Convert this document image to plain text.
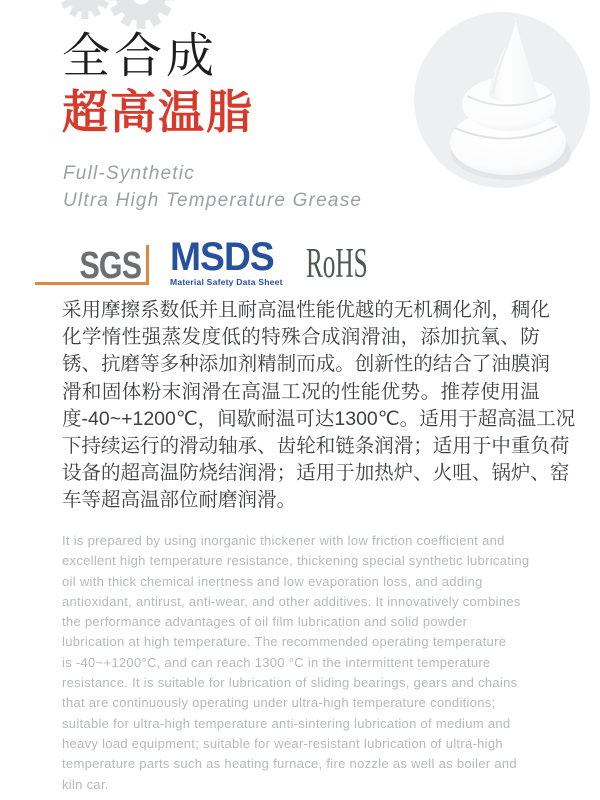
全合成
超高温脂
Full-Synthetic
Ultra High Temperature Grease
SGS MSDS
Material Safety Data Sheet RoHS
采 用 摩 擦 系 数 低 并 且 耐 高 温 性 能 优 越 的 无 机 稠 化 剂 ， 稠 化
化 学 惰 性 强 蒸 发 度 低 的 特 殊 合 成 润 滑 油 ， 添 加 抗 氧 、 防
锈 、 抗 磨 等 多 种 添 加 剂 精 制 而 成 。 创 新 性 的 结 合 了 油 膜 润
滑 和 固 体 粉 末 润 滑 在 高 温 工 况 的 性 能 优 势 。 推 荐 使 用 温
度 -40~+1200 ℃ ， 间 歇 耐 温 可 达 1300 ℃ 。 适 用 于 超 高 温 工 况
下 持 续 运 行 的 滑 动 轴 承 、 齿 轮 和 链 条 润 滑 ； 适 用 于 中 重 负 荷
设 备 的 超 高 温 防 烧 结 润 滑 ； 适 用 于 加 热 炉 、 火 咀 、 锅 炉 、 窑
车等超高温部位耐磨润滑。
It is prepared by using inorganic thickener with low friction coefficient and
excellent high temperature resistance, thickening special synthetic lubricating
oil with thick chemical inertness and low evaporation loss, and adding
antioxidant, antirust, anti-wear, and other additives. It innovatively combines
the performance advantages of oil film lubrication and solid powder
lubrication at high temperature. The recommended operating temperature
is -40~+1200°C, and can reach 1300 °C in the intermittent temperature
resistance. It is suitable for lubrication of sliding bearings, gears and chains
that are continuously operating under ultra-high temperature conditions;
suitable for ultra-high temperature anti-sintering lubrication of medium and
heavy load equipment; suitable for wear-resistant lubrication of ultra-high
temperature parts such as heating furnace, fire nozzle as well as boiler and
kiln car.
